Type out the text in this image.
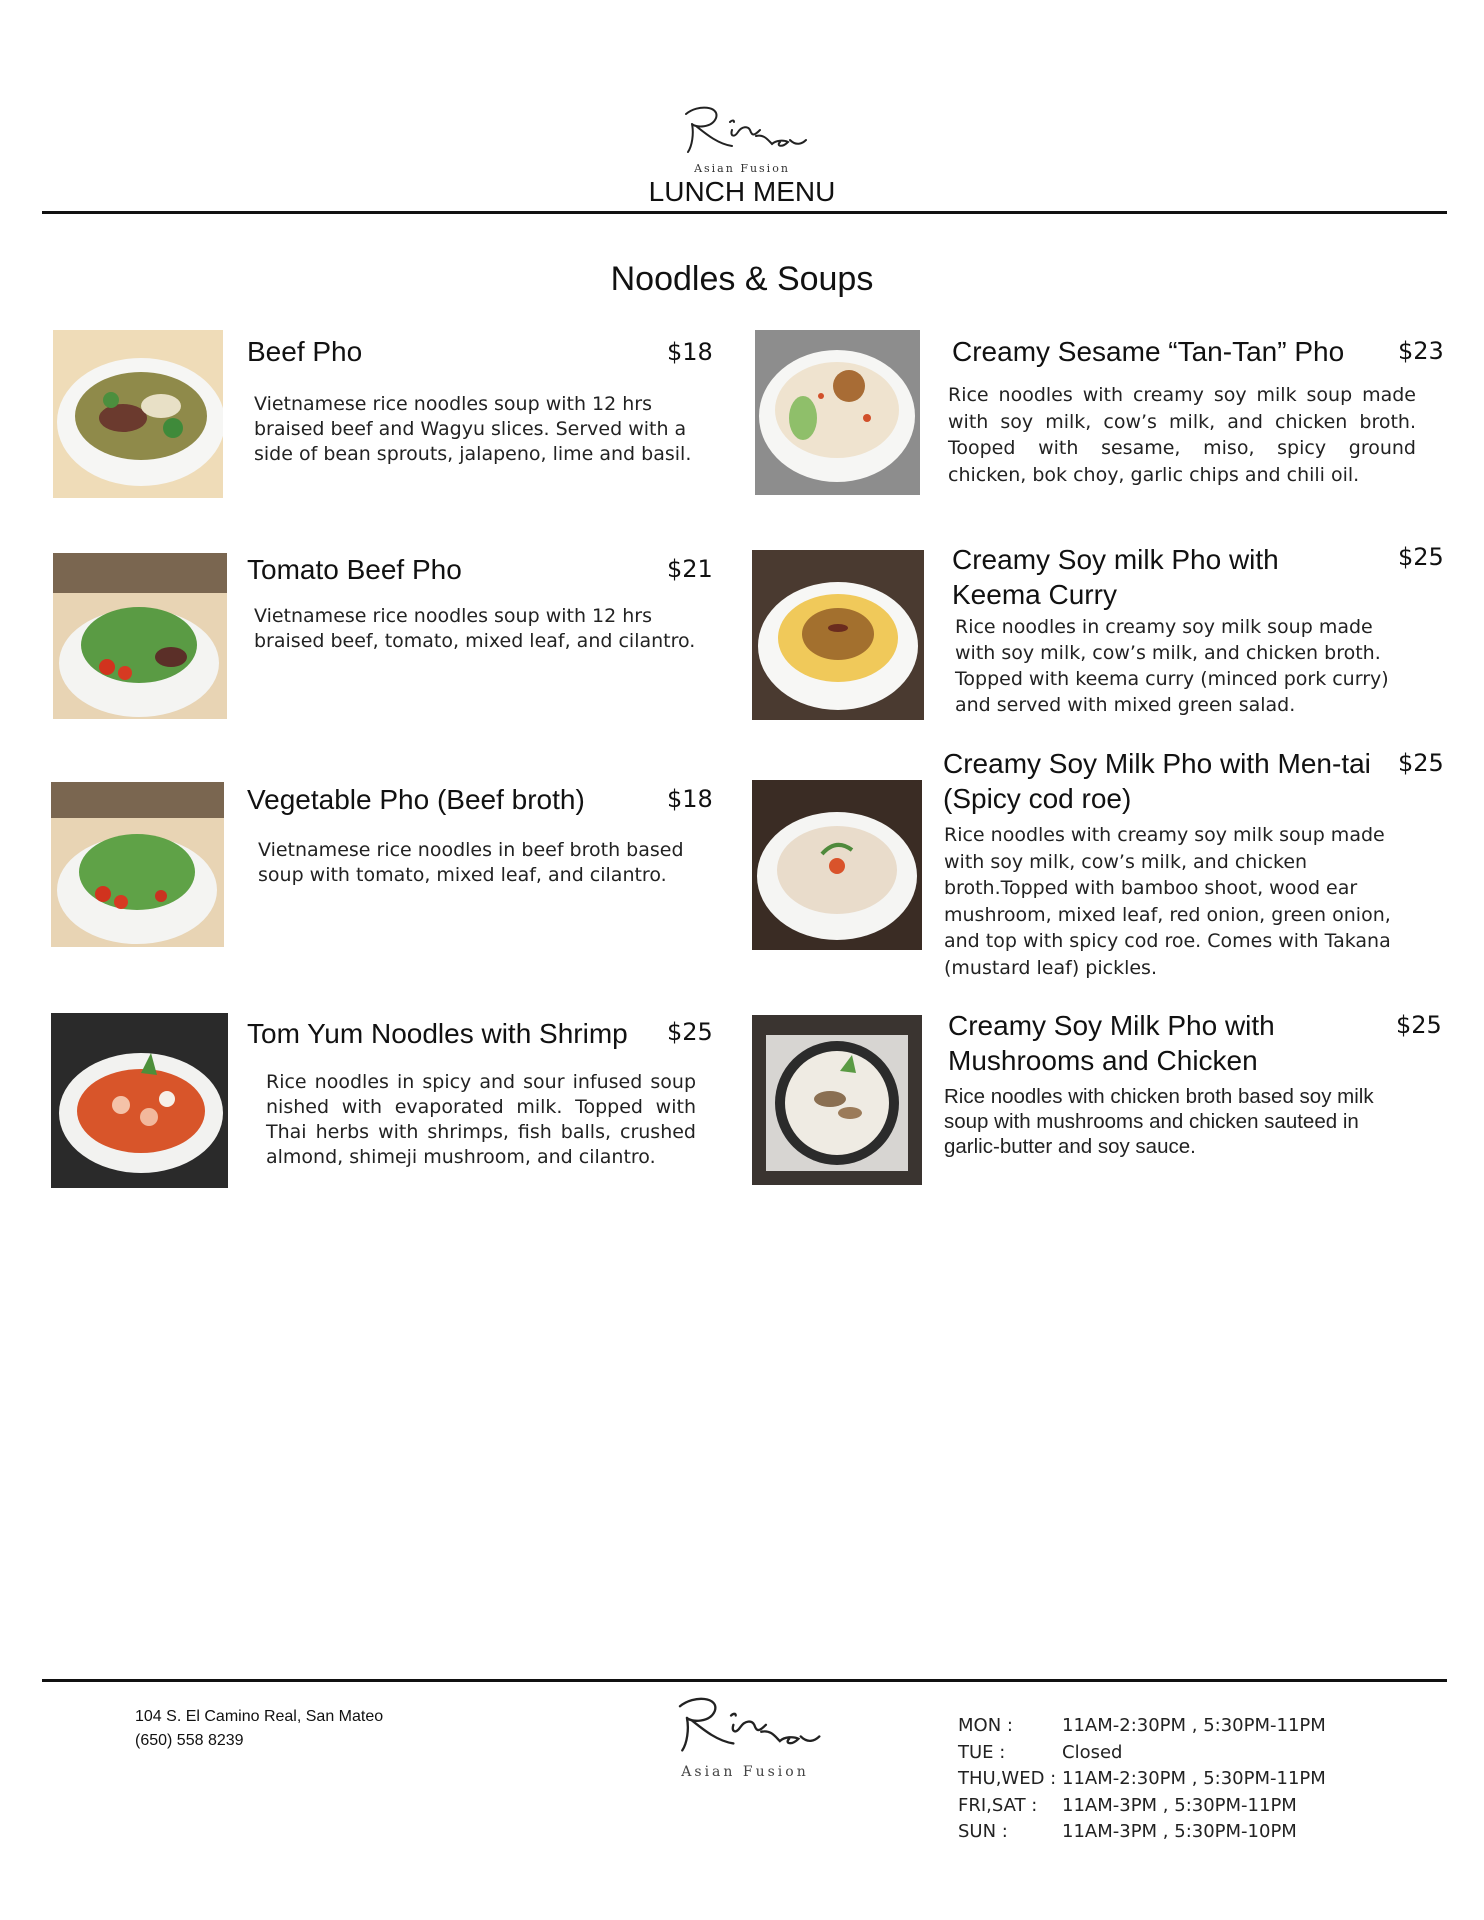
Asian Fusion
LUNCH MENU
Noodles & Soups
Beef Pho	$18
Vietnamese rice noodles soup with 12 hrs braised beef and Wagyu slices. Served with a side of bean sprouts, jalapeno, lime and basil.
Tomato Beef Pho	$21
Vietnamese rice noodles soup with 12 hrs braised beef, tomato, mixed leaf, and cilantro.
Vegetable Pho (Beef broth)	$18
Vietnamese rice noodles in beef broth based soup with tomato, mixed leaf, and cilantro.
Tom Yum Noodles with Shrimp $25
Rice noodles in spicy and sour infused soup nished with evaporated milk. Topped with Thai herbs with shrimps, fish balls, crushed almond, shimeji mushroom, and cilantro.
Creamy Sesame “Tan-Tan” Pho $23
Rice noodles with creamy soy milk soup made with soy milk, cow’s milk, and chicken broth. Tooped with sesame, miso, spicy ground chicken, bok choy, garlic chips and chili oil.
Creamy Soy milk Pho with Keema Curry
$25
Rice noodles in creamy soy milk soup made with soy milk, cow’s milk, and chicken broth. Topped with keema curry (minced pork curry) and served with mixed green salad.
Creamy Soy Milk Pho with Men-tai (Spicy cod roe)
$25
Rice noodles with creamy soy milk soup made with soy milk, cow’s milk, and chicken broth.Topped with bamboo shoot, wood ear mushroom, mixed leaf, red onion, green onion, and top with spicy cod roe. Comes with Takana (mustard leaf) pickles.
Creamy Soy Milk Pho with Mushrooms and Chicken
$25
Rice noodles with chicken broth based soy milk soup with mushrooms and chicken sauteed in garlic-butter and soy sauce.
104 S. El Camino Real, San Mateo
(650) 558 8239
Asian Fusion
MON :	11AM-2:30PM , 5:30PM-11PM
TUE :	Closed
THU,WED : 11AM-2:30PM , 5:30PM-11PM
FRI,SAT :	11AM-3PM , 5:30PM-11PM
SUN :	11AM-3PM , 5:30PM-10PM
